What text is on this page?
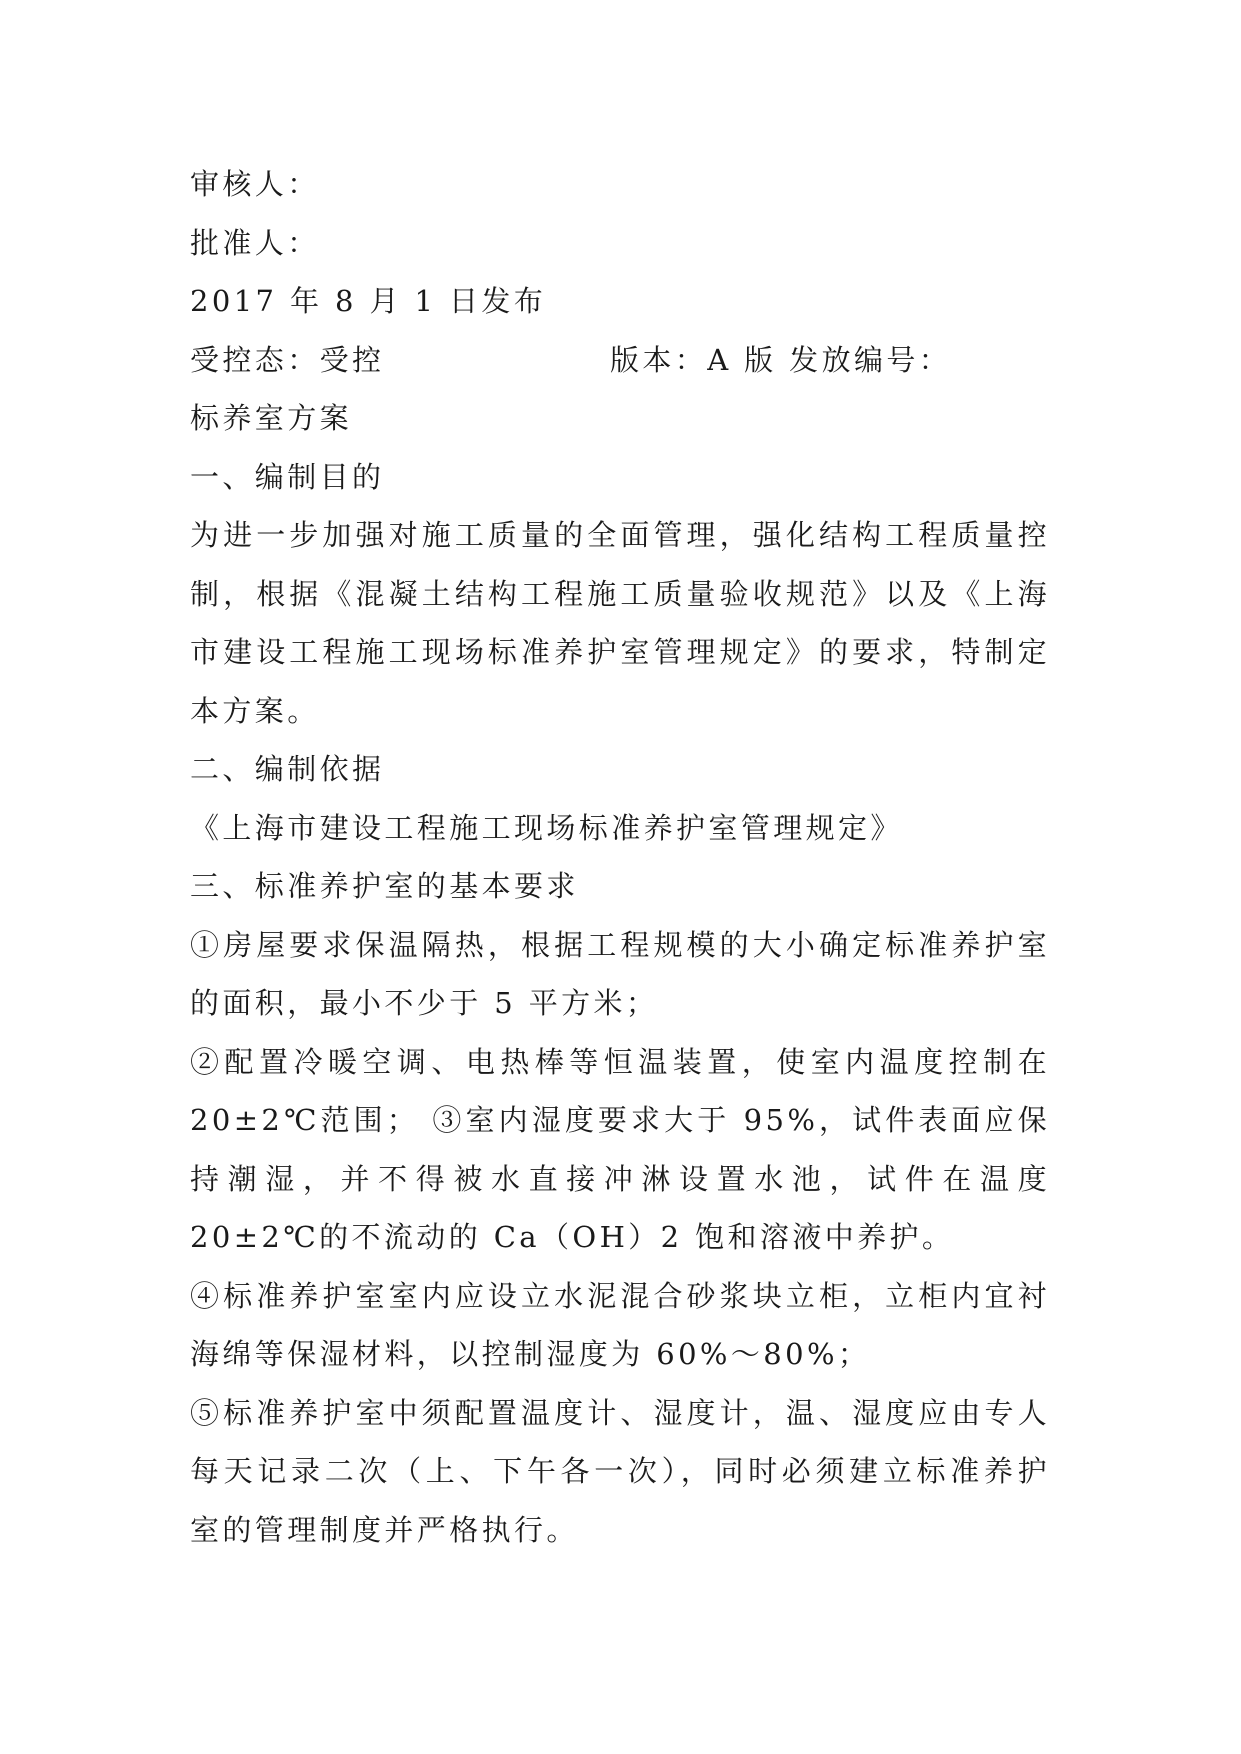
审核人：
批准人：
2017 年 8 月 1 日发布
受控态：受控	版本：A 版 发放编号：
标养室方案
一、编制目的
为进一步加强对施工质量的全面管理，强化结构工程质量控制，根据《混凝土结构工程施工质量验收规范》以及《上海市建设工程施工现场标准养护室管理规定》的要求，特制定本方案。
二、编制依据
《上海市建设工程施工现场标准养护室管理规定》
三、标准养护室的基本要求
①房屋要求保温隔热，根据工程规模的大小确定标准养护室的面积，最小不少于 5 平方米；
②配置冷暖空调、电热棒等恒温装置，使室内温度控制在 20±2℃范围； ③室内湿度要求大于 95%，试件表面应保持潮湿，并不得被水直接冲淋设置水池，试件在温度 20±2℃的不流动的 Ca（OH）2 饱和溶液中养护。
④标准养护室室内应设立水泥混合砂浆块立柜，立柜内宜衬海绵等保湿材料，以控制湿度为 60%～80%；
⑤标准养护室中须配置温度计、湿度计，温、湿度应由专人每天记录二次（上、下午各一次），同时必须建立标准养护室的管理制度并严格执行。
